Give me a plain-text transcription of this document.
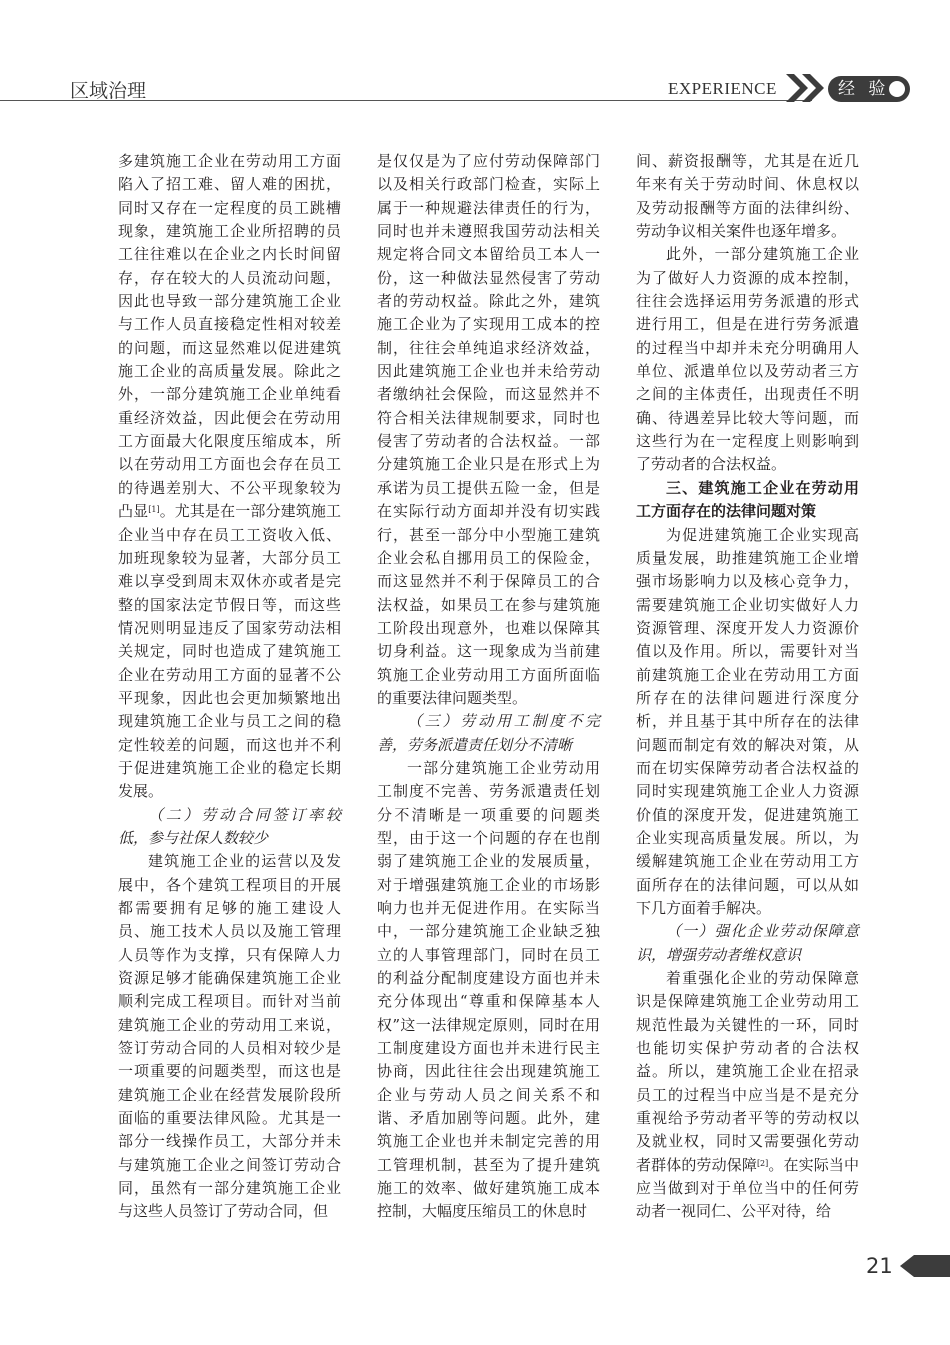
区域治理	EXPERIENCE	经 验

多建筑施工企业在劳动用工方面陷入了招工难、留人难的困扰，同时又存在一定程度的员工跳槽现象，建筑施工企业所招聘的员工往往难以在企业之内长时间留存，存在较大的人员流动问题，因此也导致一部分建筑施工企业与工作人员直接稳定性相对较差的问题，而这显然难以促进建筑施工企业的高质量发展。除此之外，一部分建筑施工企业单纯看重经济效益，因此便会在劳动用工方面最大化限度压缩成本，所以在劳动用工方面也会存在员工的待遇差别大、不公平现象较为凸显[1]。尤其是在一部分建筑施工企业当中存在员工工资收入低、加班现象较为显著，大部分员工难以享受到周末双休亦或者是完整的国家法定节假日等，而这些情况则明显违反了国家劳动法相关规定，同时也造成了建筑施工企业在劳动用工方面的显著不公平现象，因此也会更加频繁地出现建筑施工企业与员工之间的稳定性较差的问题，而这也并不利于促进建筑施工企业的稳定长期发展。

（二）劳动合同签订率较低，参与社保人数较少

建筑施工企业的运营以及发展中，各个建筑工程项目的开展都需要拥有足够的施工建设人员、施工技术人员以及施工管理人员等作为支撑，只有保障人力资源足够才能确保建筑施工企业顺利完成工程项目。而针对当前建筑施工企业的劳动用工来说，签订劳动合同的人员相对较少是一项重要的问题类型，而这也是建筑施工企业在经营发展阶段所面临的重要法律风险。尤其是一部分一线操作员工，大部分并未与建筑施工企业之间签订劳动合同，虽然有一部分建筑施工企业与这些人员签订了劳动合同，但

是仅仅是为了应付劳动保障部门以及相关行政部门检查，实际上属于一种规避法律责任的行为，同时也并未遵照我国劳动法相关规定将合同文本留给员工本人一份，这一种做法显然侵害了劳动者的劳动权益。除此之外，建筑施工企业为了实现用工成本的控制，往往会单纯追求经济效益，因此建筑施工企业也并未给劳动者缴纳社会保险，而这显然并不符合相关法律规制要求，同时也侵害了劳动者的合法权益。一部分建筑施工企业只是在形式上为承诺为员工提供五险一金，但是在实际行动方面却并没有切实践行，甚至一部分中小型施工建筑企业会私自挪用员工的保险金，而这显然并不利于保障员工的合法权益，如果员工在参与建筑施工阶段出现意外，也难以保障其切身利益。这一现象成为当前建筑施工企业劳动用工方面所面临的重要法律问题类型。

（三）劳动用工制度不完善，劳务派遣责任划分不清晰

一部分建筑施工企业劳动用工制度不完善、劳务派遣责任划分不清晰是一项重要的问题类型，由于这一个问题的存在也削弱了建筑施工企业的发展质量，对于增强建筑施工企业的市场影响力也并无促进作用。在实际当中，一部分建筑施工企业缺乏独立的人事管理部门，同时在员工的利益分配制度建设方面也并未充分体现出“尊重和保障基本人权”这一法律规定原则，同时在用工制度建设方面也并未进行民主协商，因此往往会出现建筑施工企业与劳动人员之间关系不和谐、矛盾加剧等问题。此外，建筑施工企业也并未制定完善的用工管理机制，甚至为了提升建筑施工的效率、做好建筑施工成本控制，大幅度压缩员工的休息时

间、薪资报酬等，尤其是在近几年来有关于劳动时间、休息权以及劳动报酬等方面的法律纠纷、劳动争议相关案件也逐年增多。

此外，一部分建筑施工企业为了做好人力资源的成本控制，往往会选择运用劳务派遣的形式进行用工，但是在进行劳务派遣的过程当中却并未充分明确用人单位、派遣单位以及劳动者三方之间的主体责任，出现责任不明确、待遇差异比较大等问题，而这些行为在一定程度上则影响到了劳动者的合法权益。

三、建筑施工企业在劳动用工方面存在的法律问题对策

为促进建筑施工企业实现高质量发展，助推建筑施工企业增强市场影响力以及核心竞争力，需要建筑施工企业切实做好人力资源管理、深度开发人力资源价值以及作用。所以，需要针对当前建筑施工企业在劳动用工方面所存在的法律问题进行深度分析，并且基于其中所存在的法律问题而制定有效的解决对策，从而在切实保障劳动者合法权益的同时实现建筑施工企业人力资源价值的深度开发，促进建筑施工企业实现高质量发展。所以，为缓解建筑施工企业在劳动用工方面所存在的法律问题，可以从如下几方面着手解决。

（一）强化企业劳动保障意识，增强劳动者维权意识

着重强化企业的劳动保障意识是保障建筑施工企业劳动用工规范性最为关键性的一环，同时也能切实保护劳动者的合法权益。所以，建筑施工企业在招录员工的过程当中应当是不是充分重视给予劳动者平等的劳动权以及就业权，同时又需要强化劳动者群体的劳动保障[2]。在实际当中应当做到对于单位当中的任何劳动者一视同仁、公平对待，给

21
